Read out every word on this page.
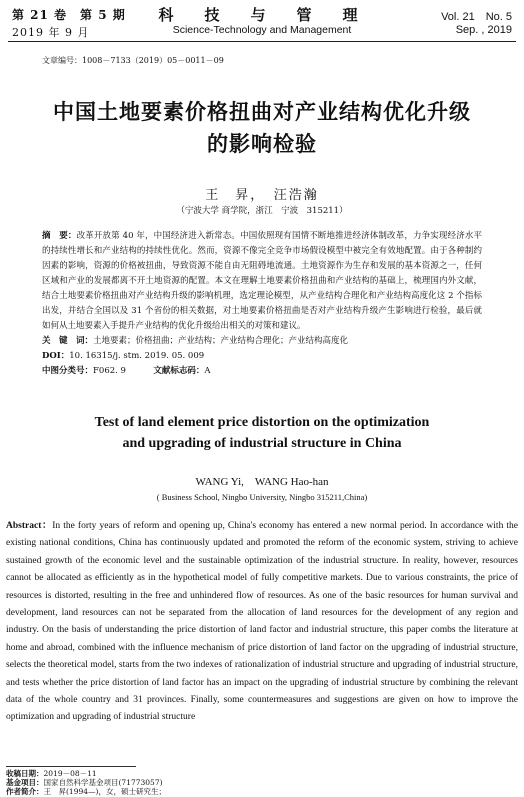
第 21 卷　第 5 期
2019 年 9 月
科　技　与　管　理
Science-Technology and Management
Vol. 21　No. 5
Sep. , 2019
文章编号：1008－7133（2019）05－0011－09
中国土地要素价格扭曲对产业结构优化升级
的影响检验
王　昇，　汪浩瀚
（宁波大学 商学院，浙江　宁波　315211）
摘　要：改革开放第 40 年，中国经济进入新常态。中国依照现有国情不断地推进经济体制改革，力争实现经济水平的持续性增长和产业结构的持续性优化。然而，资源不像完全竞争市场假设模型中被完全有效地配置。由于各种制约因素的影响，资源的价格被扭曲，导致资源不能自由无阻碍地流通。土地资源作为生存和发展的基本资源之一，任何区域和产业的发展都离不开土地资源的配置。本文在理解土地要素价格扭曲和产业结构的基础上，梳理国内外文献，结合土地要素价格扭曲对产业结构升级的影响机理，选定理论模型，从产业结构合理化和产业结构高度化这 2 个指标出发，并结合全国以及 31 个省份的相关数据，对土地要素价格扭曲是否对产业结构升级产生影响进行检验，最后就如何从土地要素入手提升产业结构的优化升级给出相关的对策和建议。
关　键　词：土地要素；价格扭曲；产业结构；产业结构合理化；产业结构高度化
DOI：10. 16315/j. stm. 2019. 05. 009
中图分类号：F062. 9	文献标志码：A
Test of land element price distortion on the optimization
and upgrading of industrial structure in China
WANG Yi,　WANG Hao-han
( Business School, Ningbo University, Ningbo 315211,China)
Abstract：In the forty years of reform and opening up, China's economy has entered a new normal period. In accordance with the existing national conditions, China has continuously updated and promoted the reform of the economic system, striving to achieve sustained growth of the economic level and the sustainable optimization of the industrial structure. In reality, however, resources cannot be allocated as efficiently as in the hypothetical model of fully competitive markets. Due to various constraints, the price of resources is distorted, resulting in the free and unhindered flow of resources. As one of the basic resources for human survival and development, land resources can not be separated from the allocation of land resources for the development of any region and industry. On the basis of understanding the price distortion of land factor and industrial structure, this paper combs the literature at home and abroad, combined with the influence mechanism of price distortion of land factor on the upgrading of industrial structure, selects the theoretical model, starts from the two indexes of rationalization of industrial structure and upgrading of industrial structure, and tests whether the price distortion of land factor has an impact on the upgrading of industrial structure by combining the relevant data of the whole country and 31 provinces. Finally, some countermeasures and suggestions are given on how to improve the optimization and upgrading of industrial structure
收稿日期：2019－08－11
基金项目：国家自然科学基金项目(71773057)
作者简介：王　昇(1994—)，女，硕士研究生；
